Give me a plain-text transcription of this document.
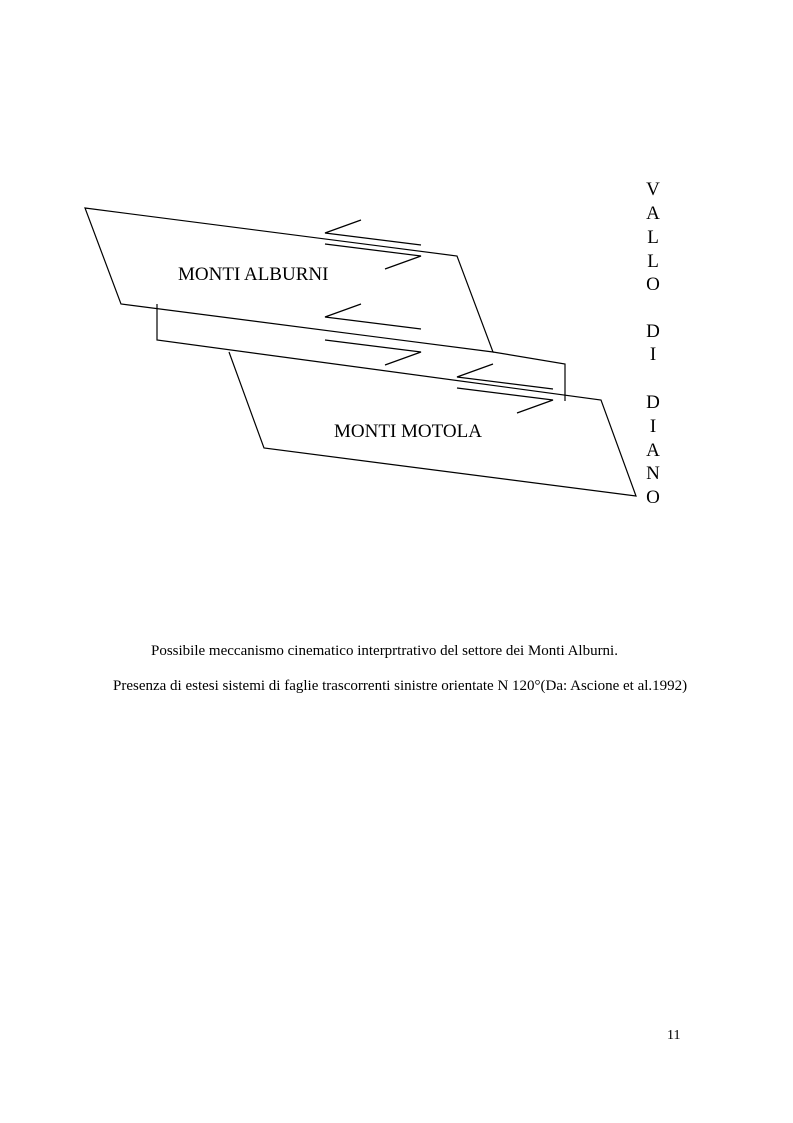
MONTI ALBURNI
MONTI MOTOLA
V
A
L
L
O
D
I
D
I
A
N
O
Possibile meccanismo cinematico interprtrativo del settore dei Monti Alburni.
Presenza di estesi sistemi di faglie trascorrenti sinistre orientate N 120°(Da: Ascione et al.1992)
11
